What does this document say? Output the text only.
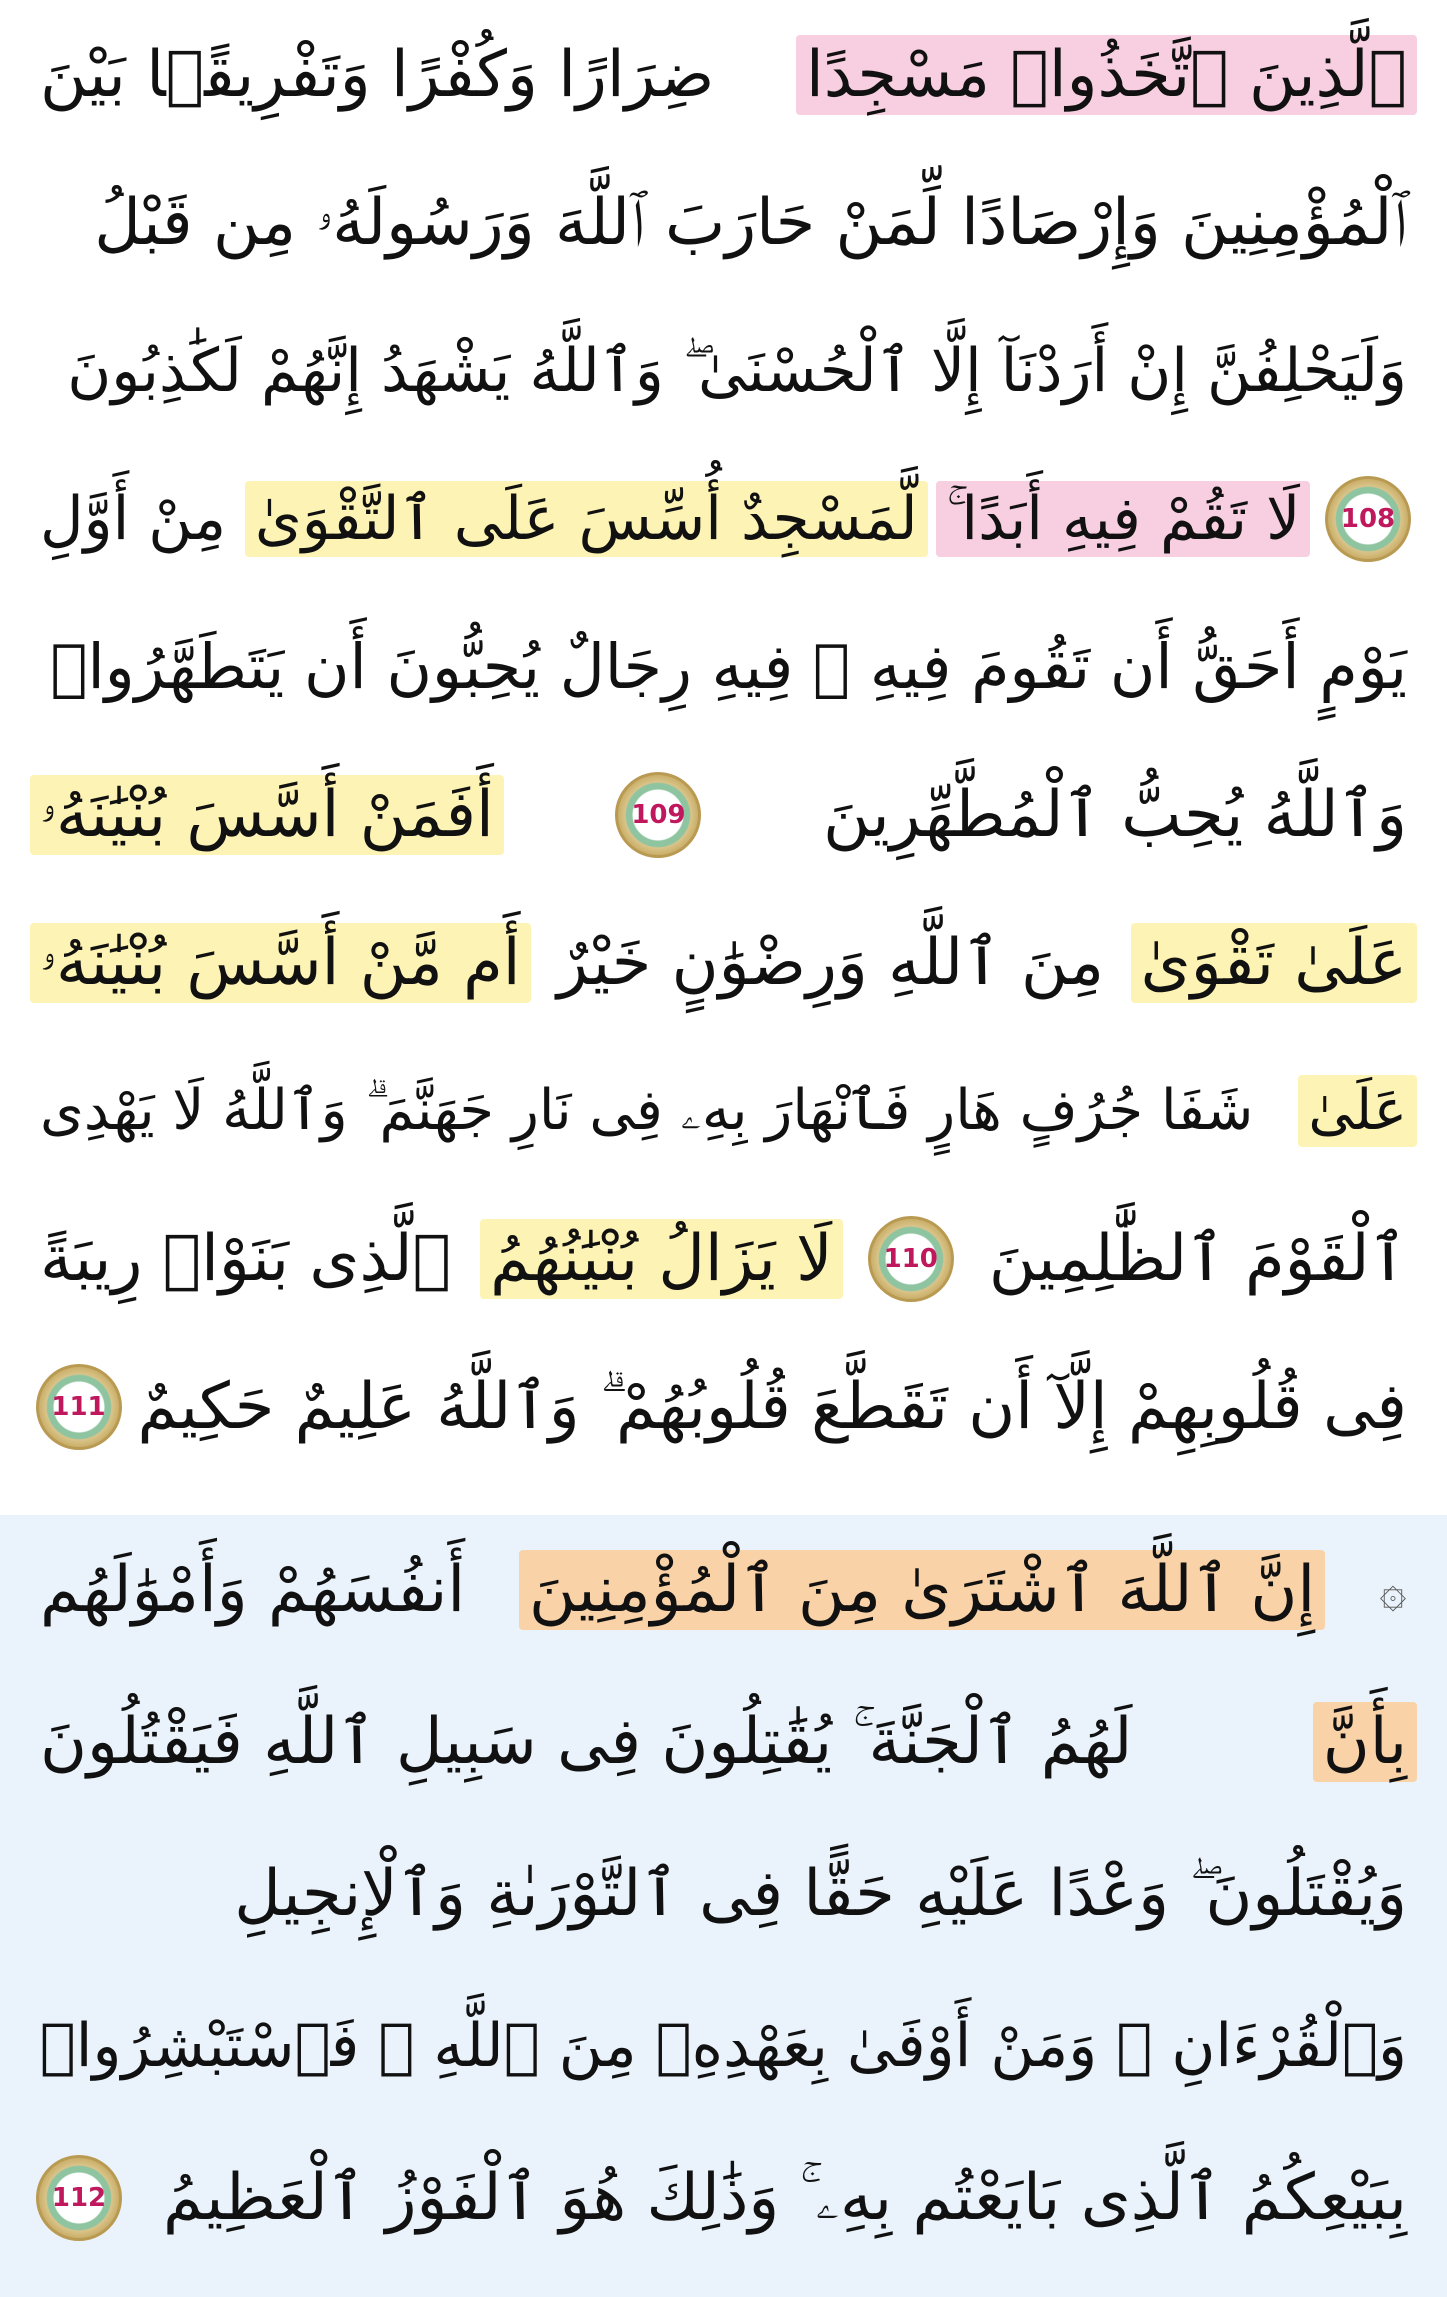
ٱلَّذِينَ ٱتَّخَذُوا۟ مَسْجِدًا
ضِرَارًا وَكُفْرًا وَتَفْرِيقًۢا بَيْنَ
ٱلْمُؤْمِنِينَ وَإِرْصَادًا لِّمَنْ حَارَبَ ٱللَّهَ وَرَسُولَهُۥ مِن قَبْلُ
وَلَيَحْلِفُنَّ إِنْ أَرَدْنَآ إِلَّا ٱلْحُسْنَىٰ ۖ وَٱللَّهُ يَشْهَدُ إِنَّهُمْ لَكَٰذِبُونَ
108
لَا تَقُمْ فِيهِ أَبَدًا ۚ
لَّمَسْجِدٌ أُسِّسَ عَلَى ٱلتَّقْوَىٰ
مِنْ أَوَّلِ
يَوْمٍ أَحَقُّ أَن تَقُومَ فِيهِ ۚ فِيهِ رِجَالٌ يُحِبُّونَ أَن يَتَطَهَّرُوا۟
وَٱللَّهُ يُحِبُّ ٱلْمُطَّهِّرِينَ
109
أَفَمَنْ أَسَّسَ بُنْيَٰنَهُۥ
عَلَىٰ تَقْوَىٰ
مِنَ ٱللَّهِ وَرِضْوَٰنٍ خَيْرٌ
أَم مَّنْ أَسَّسَ بُنْيَٰنَهُۥ
عَلَىٰ
شَفَا جُرُفٍ هَارٍ فَٱنْهَارَ بِهِۦ فِى نَارِ جَهَنَّمَ ۗ وَٱللَّهُ لَا يَهْدِى
ٱلْقَوْمَ ٱلظَّٰلِمِينَ
110
لَا يَزَالُ بُنْيَٰنُهُمُ
ٱلَّذِى بَنَوْا۟ رِيبَةً
فِى قُلُوبِهِمْ إِلَّآ أَن تَقَطَّعَ قُلُوبُهُمْ ۗ وَٱللَّهُ عَلِيمٌ حَكِيمٌ
111
۞
إِنَّ ٱللَّهَ ٱشْتَرَىٰ مِنَ ٱلْمُؤْمِنِينَ
أَنفُسَهُمْ وَأَمْوَٰلَهُم
بِأَنَّ
لَهُمُ ٱلْجَنَّةَ ۚ يُقَٰتِلُونَ فِى سَبِيلِ ٱللَّهِ فَيَقْتُلُونَ
وَيُقْتَلُونَ ۖ وَعْدًا عَلَيْهِ حَقًّا فِى ٱلتَّوْرَىٰةِ وَٱلْإِنجِيلِ
وَٱلْقُرْءَانِ ۚ وَمَنْ أَوْفَىٰ بِعَهْدِهِۦ مِنَ ٱللَّهِ ۚ فَٱسْتَبْشِرُوا۟
بِبَيْعِكُمُ ٱلَّذِى بَايَعْتُم بِهِۦ ۚ وَذَٰلِكَ هُوَ ٱلْفَوْزُ ٱلْعَظِيمُ
112
